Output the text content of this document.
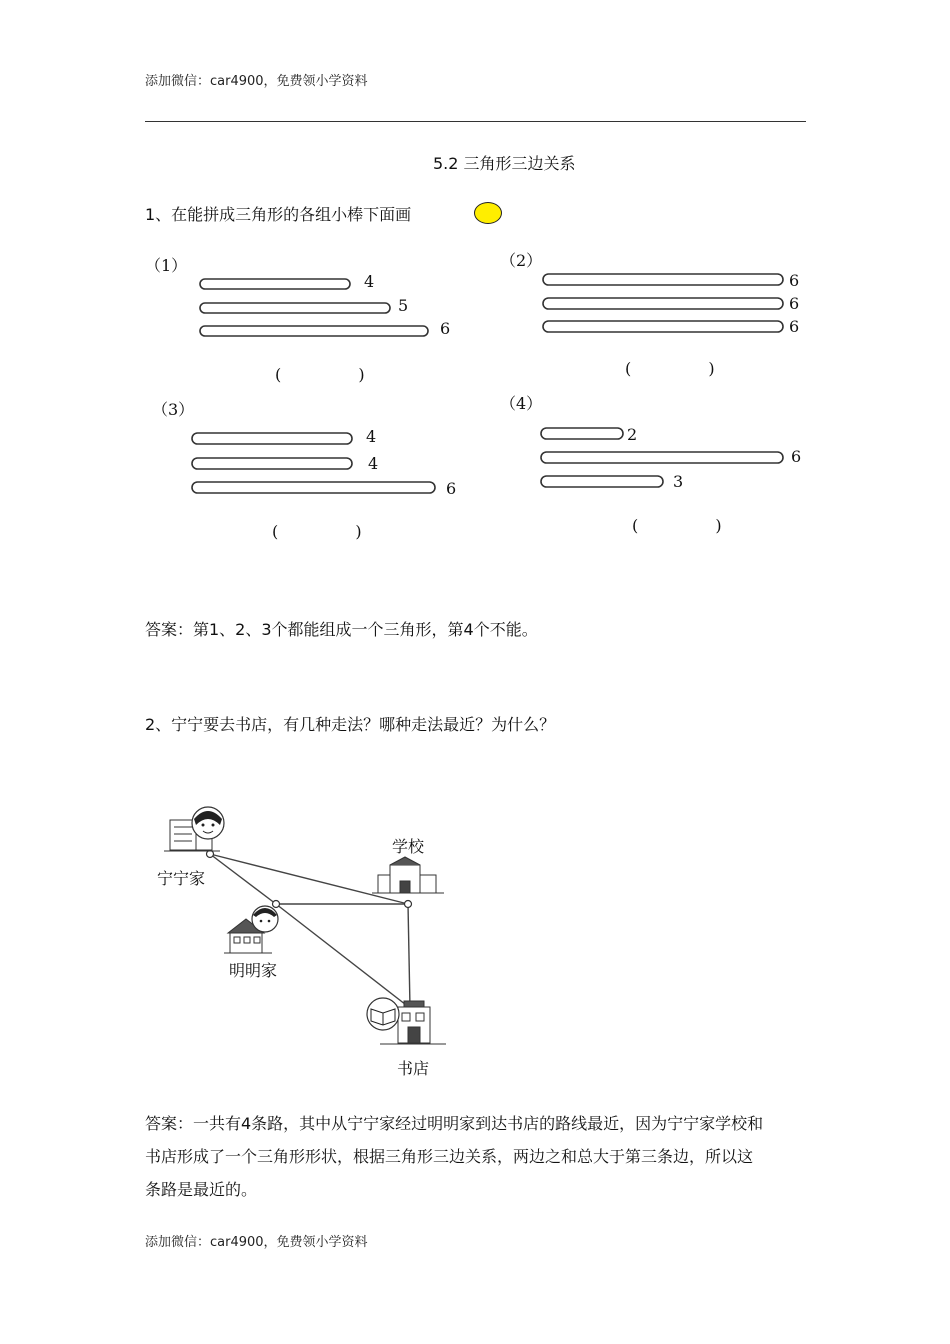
添加微信：car4900，免费领小学资料
5.2 三角形三边关系
1、在能拼成三角形的各组小棒下面画
（1）
4
5
6
( )
（2）
6
6
6
( )
（3）
4
4
6
( )
（4）
2
6
3
( )
答案：第1、2、3个都能组成一个三角形，第4个不能。
2、宁宁要去书店，有几种走法？哪种走法最近？为什么？
宁宁家
学校
明明家
书店
答案：一共有4条路，其中从宁宁家经过明明家到达书店的路线最近，因为宁宁家学校和
书店形成了一个三角形形状，根据三角形三边关系，两边之和总大于第三条边，所以这
条路是最近的。
添加微信：car4900，免费领小学资料
